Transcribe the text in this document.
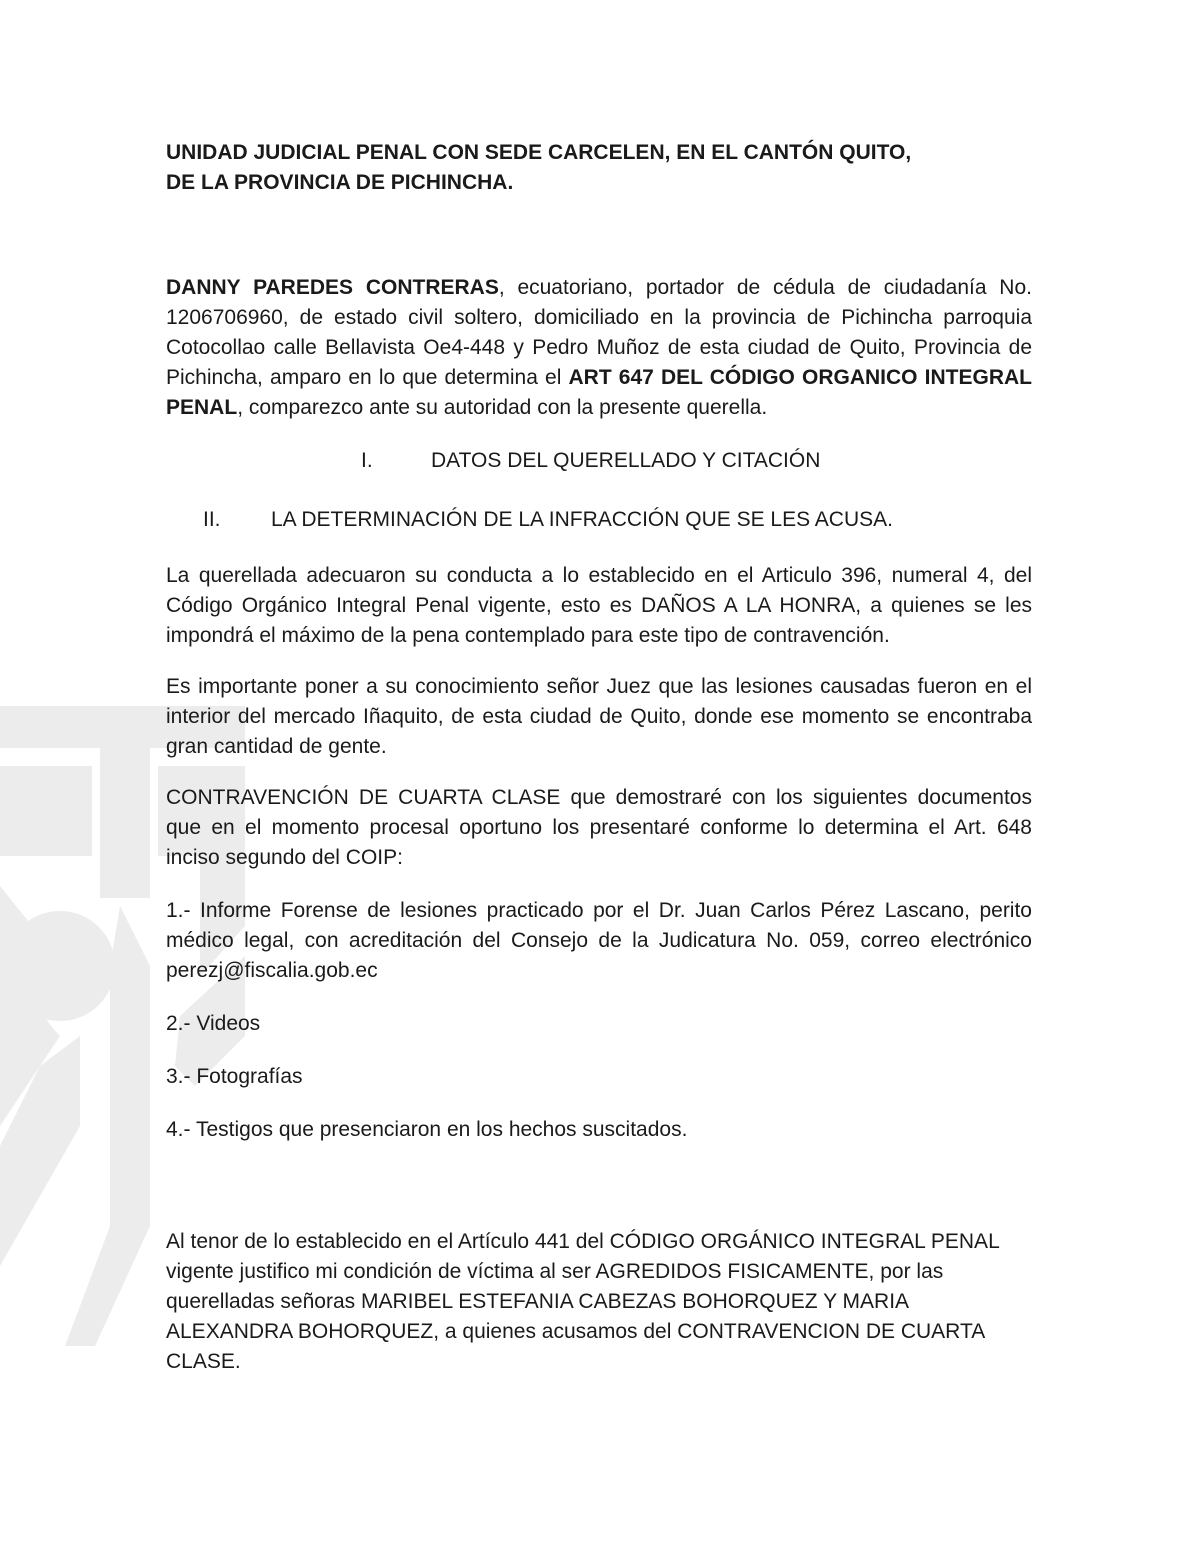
UNIDAD JUDICIAL PENAL CON SEDE CARCELEN, EN EL CANTÓN QUITO,
DE LA PROVINCIA DE PICHINCHA.

DANNY PAREDES CONTRERAS, ecuatoriano, portador de cédula de ciudadanía No. 1206706960, de estado civil soltero, domiciliado en la provincia de Pichincha parroquia Cotocollao calle Bellavista Oe4-448 y Pedro Muñoz de esta ciudad de Quito, Provincia de Pichincha, amparo en lo que determina el ART 647 DEL CÓDIGO ORGANICO INTEGRAL PENAL, comparezco ante su autoridad con la presente querella.

I.	DATOS DEL QUERELLADO Y CITACIÓN
II.	LA DETERMINACIÓN DE LA INFRACCIÓN QUE SE LES ACUSA.

La querellada adecuaron su conducta a lo establecido en el Articulo 396, numeral 4, del Código Orgánico Integral Penal vigente, esto es DAÑOS A LA HONRA, a quienes se les impondrá el máximo de la pena contemplado para este tipo de contravención.

Es importante poner a su conocimiento señor Juez que las lesiones causadas fueron en el interior del mercado Iñaquito, de esta ciudad de Quito, donde ese momento se encontraba gran cantidad de gente.

CONTRAVENCIÓN DE CUARTA CLASE que demostraré con los siguientes documentos que en el momento procesal oportuno los presentaré conforme lo determina el Art. 648 inciso segundo del COIP:

1.- Informe Forense de lesiones practicado por el Dr. Juan Carlos Pérez Lascano, perito médico legal, con acreditación del Consejo de la Judicatura No. 059, correo electrónico perezj@fiscalia.gob.ec

2.- Videos

3.- Fotografías

4.- Testigos que presenciaron en los hechos suscitados.

Al tenor de lo establecido en el Artículo 441 del CÓDIGO ORGÁNICO INTEGRAL PENAL vigente justifico mi condición de víctima al ser AGREDIDOS FISICAMENTE, por las querelladas señoras MARIBEL ESTEFANIA CABEZAS BOHORQUEZ Y MARIA ALEXANDRA BOHORQUEZ, a quienes acusamos del CONTRAVENCION DE CUARTA CLASE.
